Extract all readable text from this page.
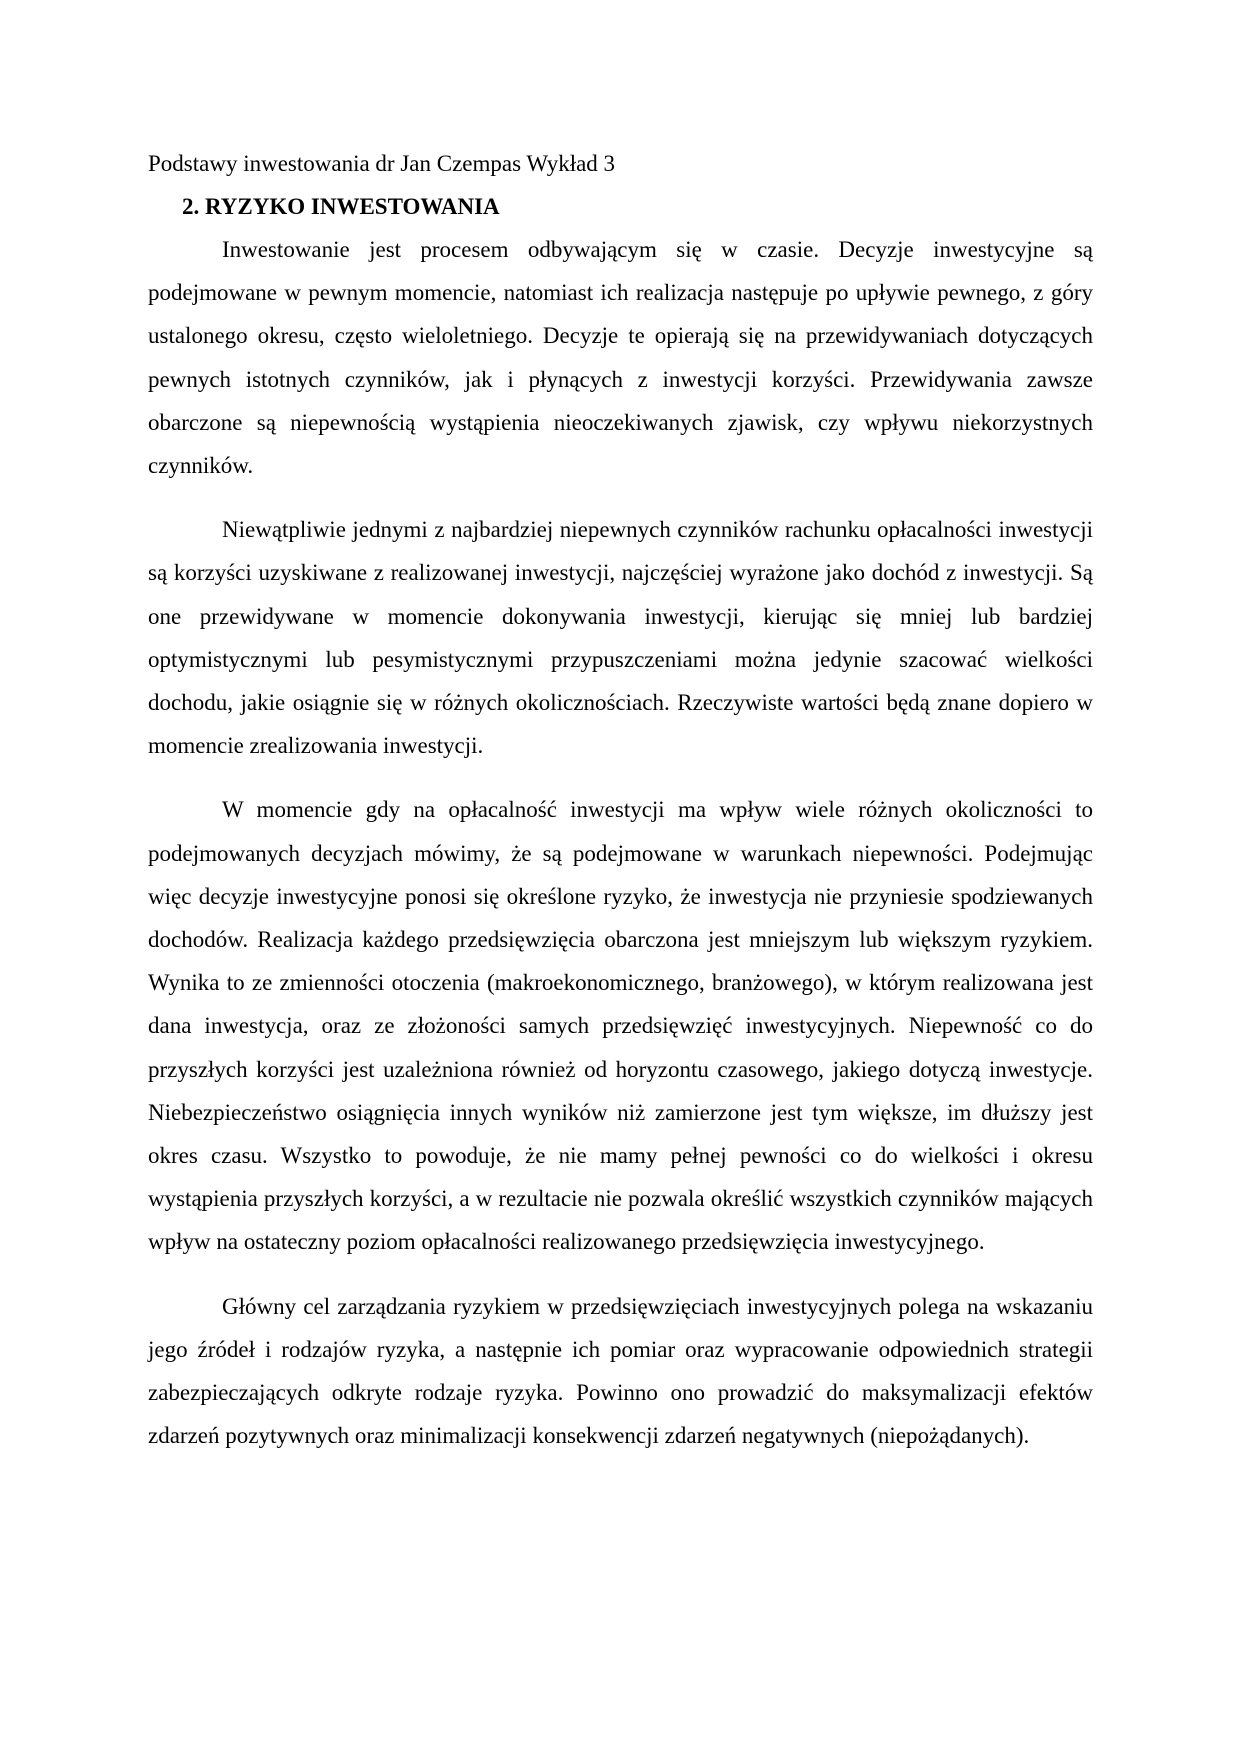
Podstawy inwestowania dr Jan Czempas Wykład 3

2. RYZYKO INWESTOWANIA

Inwestowanie jest procesem odbywającym się w czasie. Decyzje inwestycyjne są podejmowane w pewnym momencie, natomiast ich realizacja następuje po upływie pewnego, z góry ustalonego okresu, często wieloletniego. Decyzje te opierają się na przewidywaniach dotyczących pewnych istotnych czynników, jak i płynących z inwestycji korzyści. Przewidywania zawsze obarczone są niepewnością wystąpienia nieoczekiwanych zjawisk, czy wpływu niekorzystnych czynników.

Niewątpliwie jednymi z najbardziej niepewnych czynników rachunku opłacalności inwestycji są korzyści uzyskiwane z realizowanej inwestycji, najczęściej wyrażone jako dochód z inwestycji. Są one przewidywane w momencie dokonywania inwestycji, kierując się mniej lub bardziej optymistycznymi lub pesymistycznymi przypuszczeniami można jedynie szacować wielkości dochodu, jakie osiągnie się w różnych okolicznościach. Rzeczywiste wartości będą znane dopiero w momencie zrealizowania inwestycji.

W momencie gdy na opłacalność inwestycji ma wpływ wiele różnych okoliczności to podejmowanych decyzjach mówimy, że są podejmowane w warunkach niepewności. Podejmując więc decyzje inwestycyjne ponosi się określone ryzyko, że inwestycja nie przyniesie spodziewanych dochodów. Realizacja każdego przedsięwzięcia obarczona jest mniejszym lub większym ryzykiem. Wynika to ze zmienności otoczenia (makroekonomicznego, branżowego), w którym realizowana jest dana inwestycja, oraz ze złożoności samych przedsięwzięć inwestycyjnych. Niepewność co do przyszłych korzyści jest uzależniona również od horyzontu czasowego, jakiego dotyczą inwestycje. Niebezpieczeństwo osiągnięcia innych wyników niż zamierzone jest tym większe, im dłuższy jest okres czasu. Wszystko to powoduje, że nie mamy pełnej pewności co do wielkości i okresu wystąpienia przyszłych korzyści, a w rezultacie nie pozwala określić wszystkich czynników mających wpływ na ostateczny poziom opłacalności realizowanego przedsięwzięcia inwestycyjnego.

Główny cel zarządzania ryzykiem w przedsięwzięciach inwestycyjnych polega na wskazaniu jego źródeł i rodzajów ryzyka, a następnie ich pomiar oraz wypracowanie odpowiednich strategii zabezpieczających odkryte rodzaje ryzyka. Powinno ono prowadzić do maksymalizacji efektów zdarzeń pozytywnych oraz minimalizacji konsekwencji zdarzeń negatywnych (niepożądanych).
